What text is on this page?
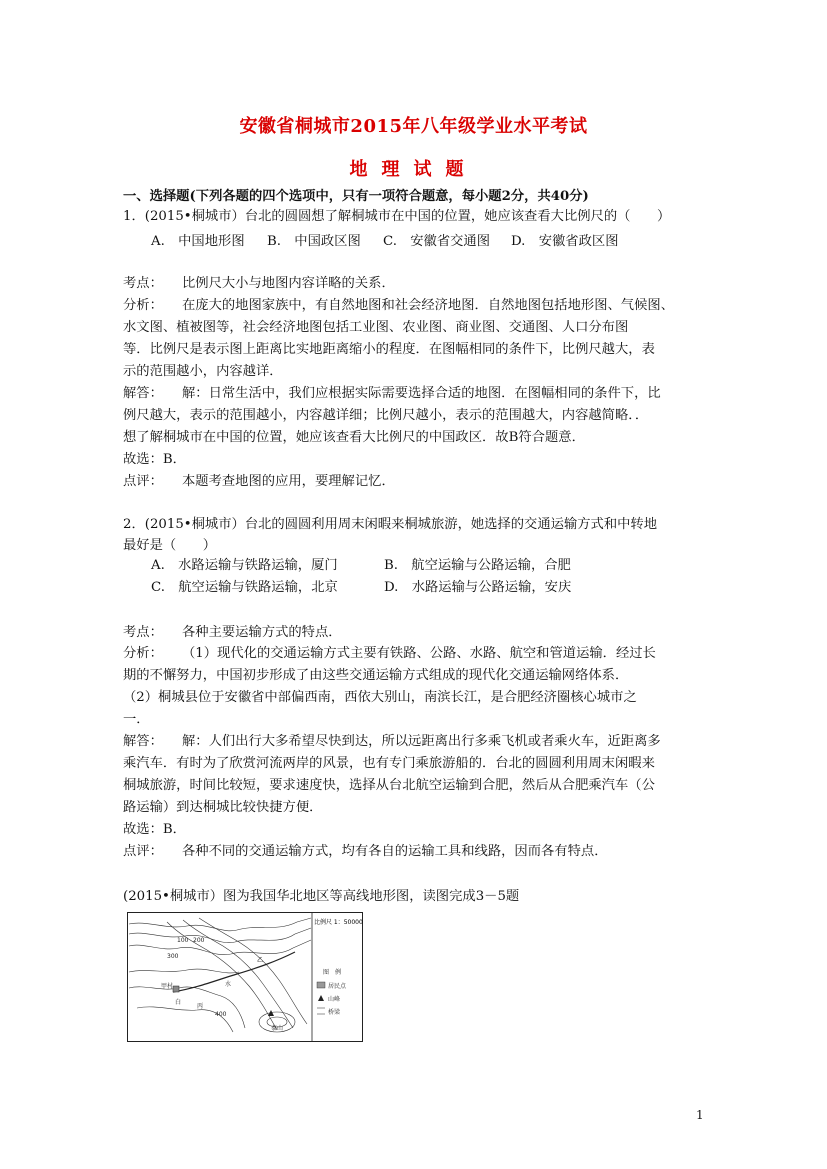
安徽省桐城市2015年八年级学业水平考试
地理试题
一、选择题(下列各题的四个选项中，只有一项符合题意，每小题2分，共40分)
1．(2015•桐城市）台北的圆圆想了解桐城市在中国的位置，她应该查看大比例尺的（　　）
A.　中国地形图 B.　中国政区图 C.　安徽省交通图 D.　安徽省政区图
考点： 比例尺大小与地图内容详略的关系．
分析： 在庞大的地图家族中，有自然地图和社会经济地图．自然地图包括地形图、气候图、
水文图、植被图等，社会经济地图包括工业图、农业图、商业图、交通图、人口分布图
等．比例尺是表示图上距离比实地距离缩小的程度．在图幅相同的条件下，比例尺越大，表
示的范围越小，内容越详．
解答： 解：日常生活中，我们应根据实际需要选择合适的地图．在图幅相同的条件下，比
例尺越大，表示的范围越小，内容越详细；比例尺越小，表示的范围越大，内容越简略．．
想了解桐城市在中国的位置，她应该查看大比例尺的中国政区．故B符合题意．
故选：B．
点评： 本题考查地图的应用，要理解记忆．
2．(2015•桐城市）台北的圆圆利用周末闲暇来桐城旅游，她选择的交通运输方式和中转地
最好是（　　）
A.　水路运输与铁路运输，厦门	B.　航空运输与公路运输，合肥
C.　航空运输与铁路运输，北京	D.　水路运输与公路运输，安庆
考点： 各种主要运输方式的特点．
分析： （1）现代化的交通运输方式主要有铁路、公路、水路、航空和管道运输．经过长
期的不懈努力，中国初步形成了由这些交通运输方式组成的现代化交通运输网络体系．
（2）桐城县位于安徽省中部偏西南，西依大别山，南滨长江，是合肥经济圈核心城市之
一．
解答： 解：人们出行大多希望尽快到达，所以远距离出行多乘飞机或者乘火车，近距离多
乘汽车．有时为了欣赏河流两岸的风景，也有专门乘旅游船的．台北的圆圆利用周末闲暇来
桐城旅游，时间比较短，要求速度快，选择从台北航空运输到合肥，然后从合肥乘汽车（公
路运输）到达桐城比较快捷方便．
故选：B．
点评： 各种不同的交通运输方式，均有各自的运输工具和线路，因而各有特点．
(2015•桐城市）图为我国华北地区等高线地形图，读图完成3－5题
比例尺 1：50000
100
300
200
400
甲村
乙
水
丙
白
泰山
图　例
居民点
山峰
桥梁
1
